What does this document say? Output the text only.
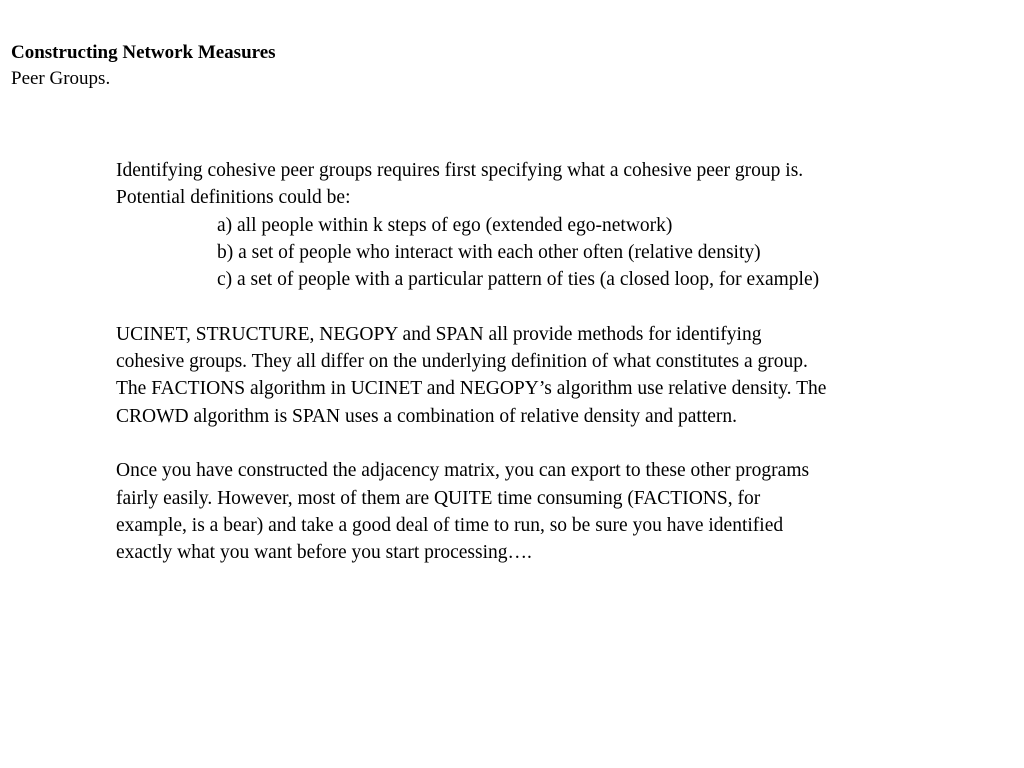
Constructing Network Measures
Peer Groups.
Identifying cohesive peer groups requires first specifying what a cohesive peer group is.
Potential definitions could be:
a) all people within k steps of ego (extended ego-network)
b) a set of people who interact with each other often (relative density)
c) a set of people with a particular pattern of ties (a closed loop, for example)
UCINET, STRUCTURE, NEGOPY and SPAN all provide methods for identifying
cohesive groups. They all differ on the underlying definition of what constitutes a group.
The FACTIONS algorithm in UCINET and NEGOPY’s algorithm use relative density. The
CROWD algorithm is SPAN uses a combination of relative density and pattern.
Once you have constructed the adjacency matrix, you can export to these other programs
fairly easily. However, most of them are QUITE time consuming (FACTIONS, for
example, is a bear) and take a good deal of time to run, so be sure you have identified
exactly what you want before you start processing….
